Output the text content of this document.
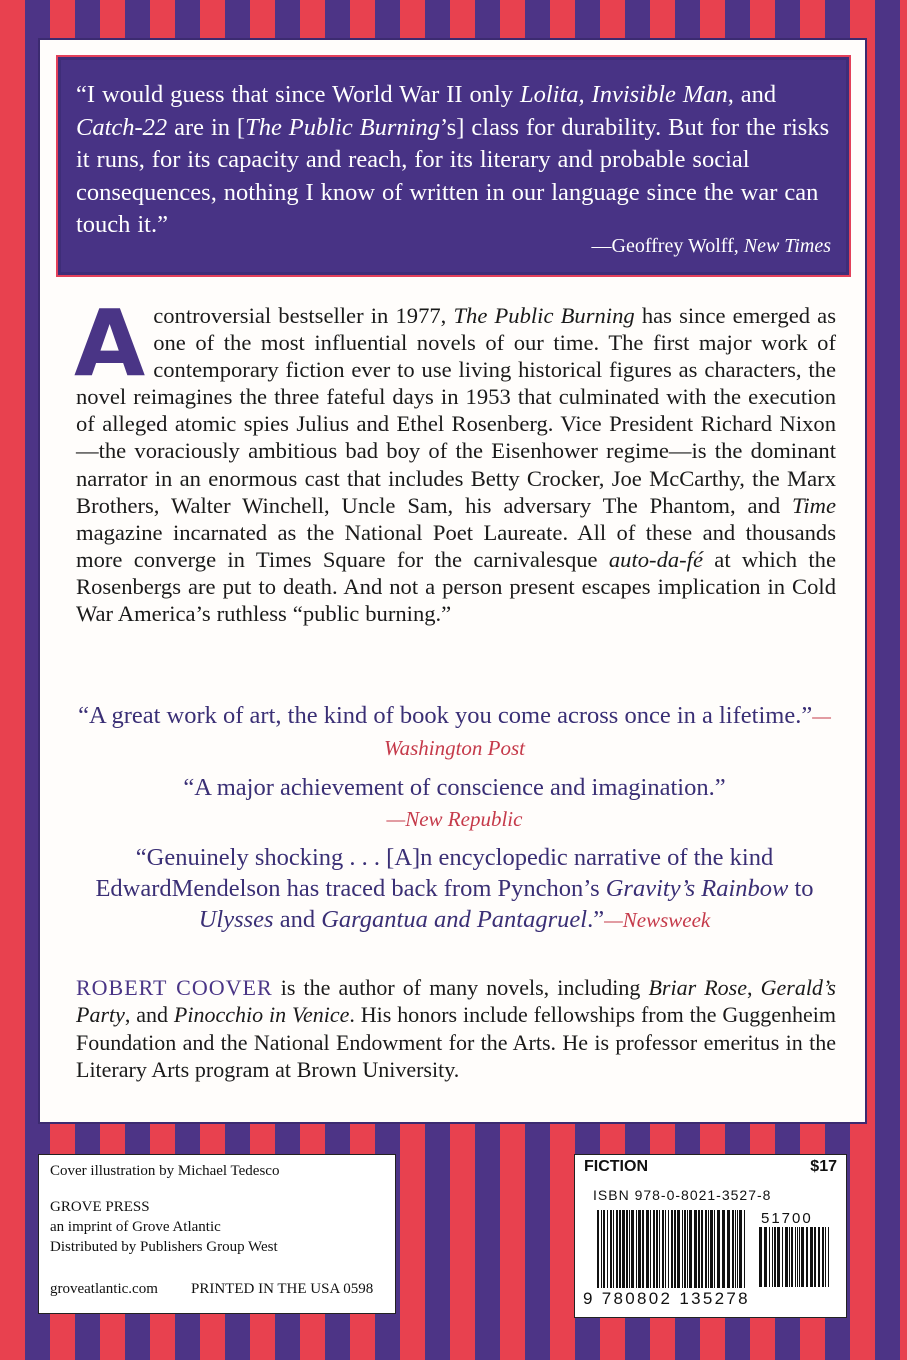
“I would guess that since World War II only Lolita, Invisible Man, and Catch-22 are in [The Public Burning’s] class for durability. But for the risks it runs, for its capacity and reach, for its literary and probable social consequences, nothing I know of written in our language since the war can touch it.”
—Geoffrey Wolff, New Times
Acontroversial bestseller in 1977, The Public Burning has since emerged as one of the most influential novels of our time. The first major work of contemporary fiction ever to use living historical figures as characters, the novel reimagines the three fateful days in 1953 that culminated with the execution of alleged atomic spies Julius and Ethel Rosenberg. Vice President Richard Nixon—the voraciously ambitious bad boy of the Eisenhower regime—is the dominant narrator in an enormous cast that includes Betty Crocker, Joe McCarthy, the Marx Brothers, Walter Winchell, Uncle Sam, his adversary The Phantom, and Time magazine incarnated as the National Poet Laureate. All of these and thousands more converge in Times Square for the carnivalesque auto-da-fé at which the Rosenbergs are put to death. And not a person present escapes implication in Cold War America’s ruthless “public burning.”
“A great work of art, the kind of book you come across once in a lifetime.”—Washington Post
“A major achievement of conscience and imagination.”
—New Republic
“Genuinely shocking . . . [A]n encyclopedic narrative of the kind EdwardMendelson has traced back from Pynchon’s Gravity’s Rainbow to Ulysses and Gargantua and Pantagruel.”—Newsweek
ROBERT COOVER is the author of many novels, including Briar Rose, Gerald’s Party, and Pinocchio in Venice. His honors include fellowships from the Guggenheim Foundation and the National Endowment for the Arts. He is professor emeritus in the Literary Arts program at Brown University.
Cover illustration by Michael Tedesco
GROVE PRESS
an imprint of Grove Atlantic
Distributed by Publishers Group West
groveatlantic.com PRINTED IN THE USA 0598
FICTION	$17
ISBN 978-0-8021-3527-8
51700
9 780802 135278
